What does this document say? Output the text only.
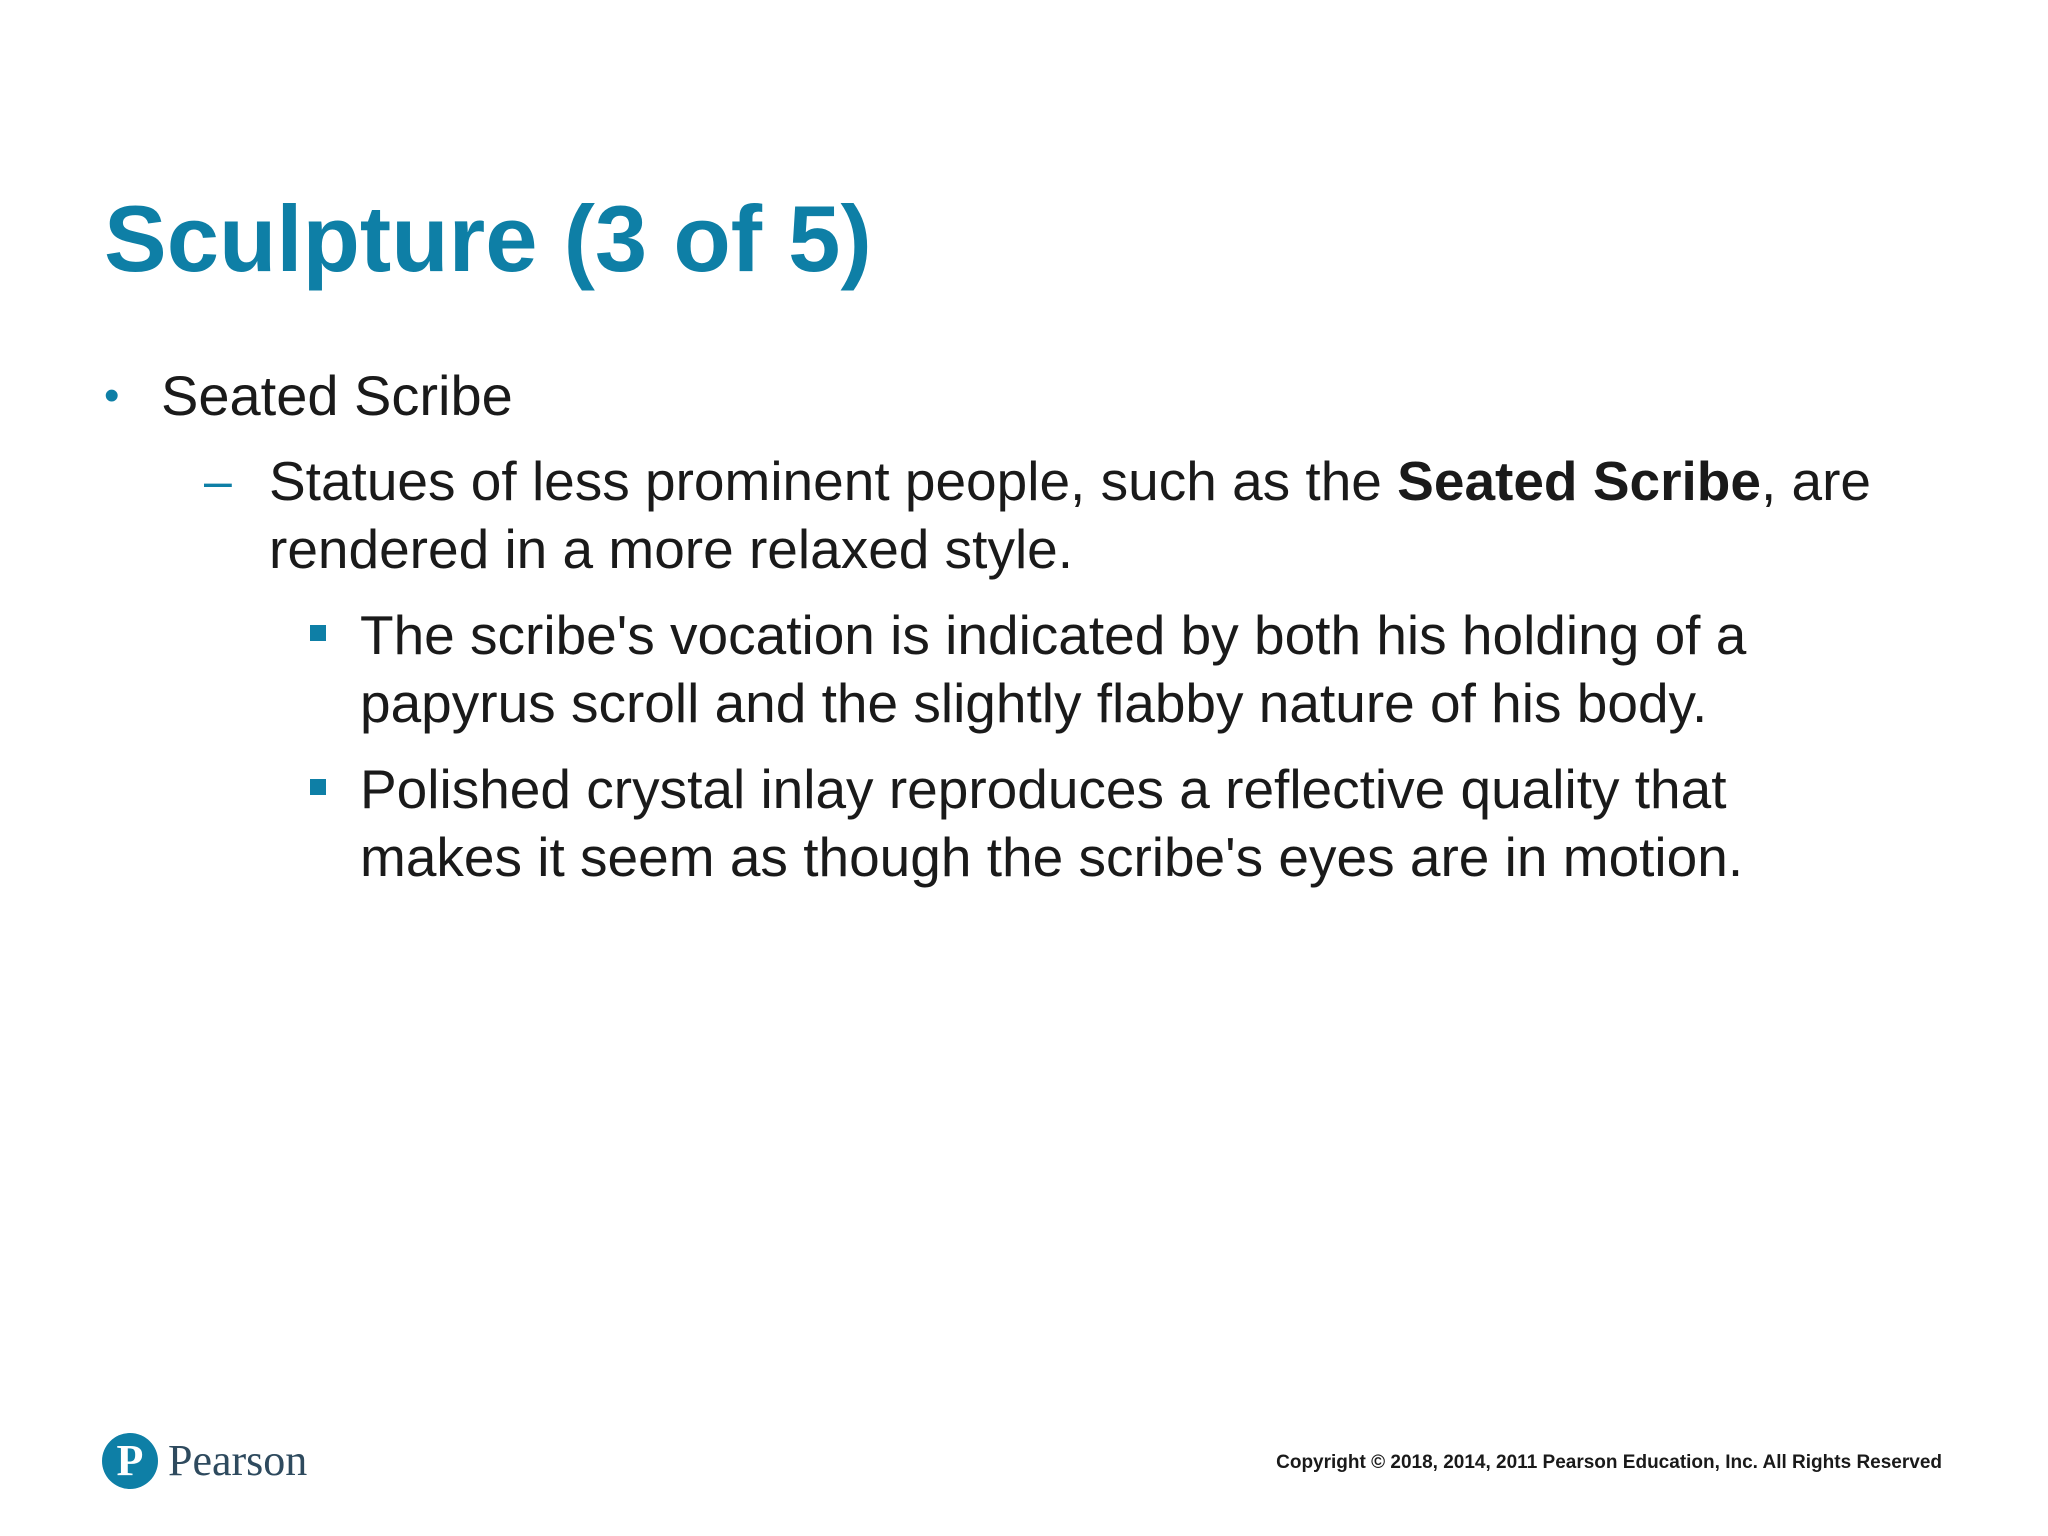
Sculpture (3 of 5)
• Seated Scribe
– Statues of less prominent people, such as the Seated Scribe, are
rendered in a more relaxed style.
The scribe's vocation is indicated by both his holding of a
papyrus scroll and the slightly flabby nature of his body.
Polished crystal inlay reproduces a reflective quality that
makes it seem as though the scribe's eyes are in motion.
P Pearson	Copyright © 2018, 2014, 2011 Pearson Education, Inc. All Rights Reserved
